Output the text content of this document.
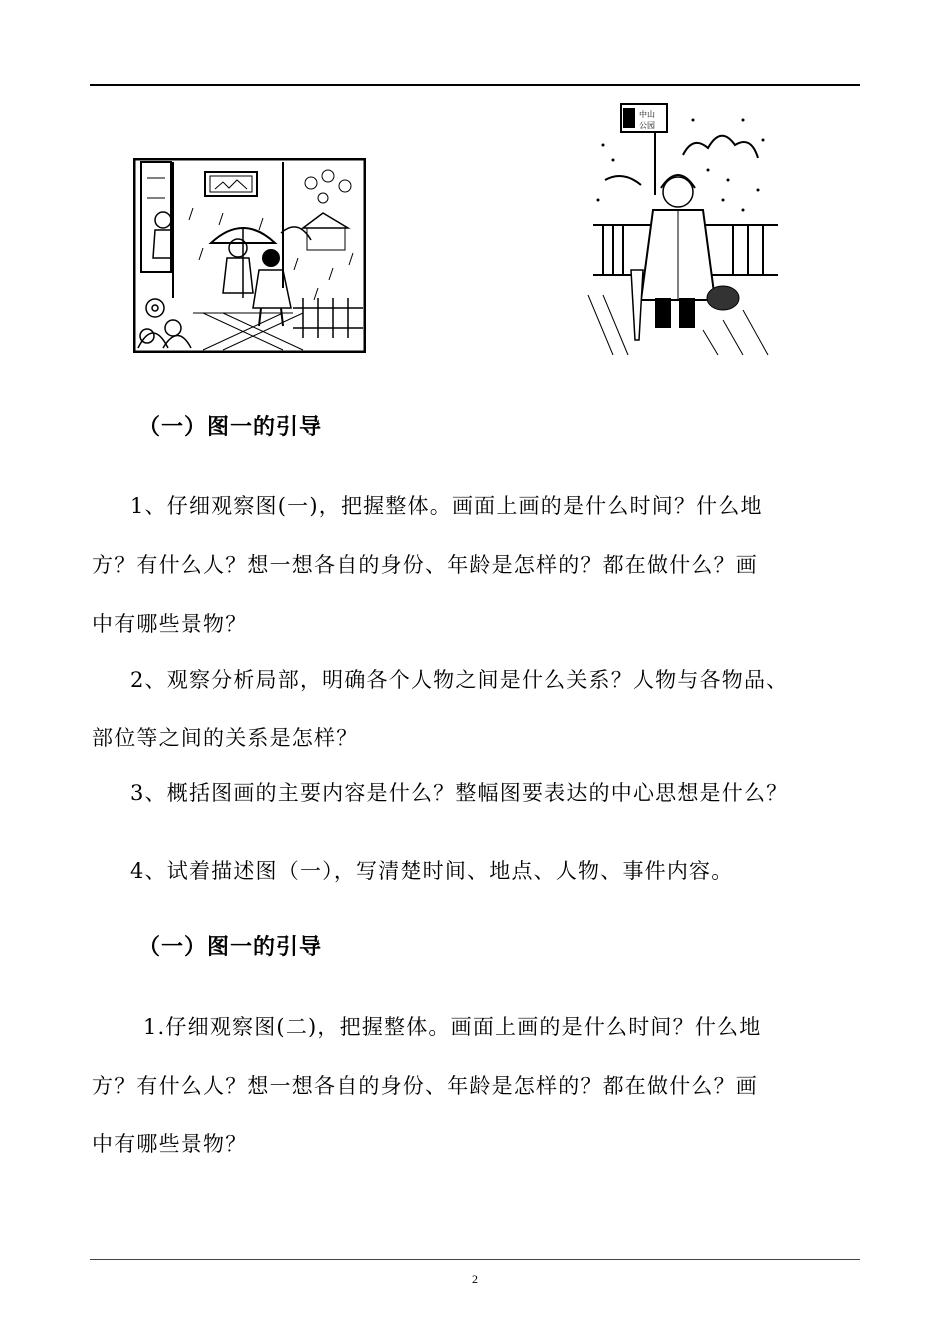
中山
公园
（一）图一的引导
1、仔细观察图(一)，把握整体。画面上画的是什么时间？什么地
方？有什么人？想一想各自的身份、年龄是怎样的？都在做什么？画
中有哪些景物？
2、观察分析局部，明确各个人物之间是什么关系？人物与各物品、
部位等之间的关系是怎样？
3、概括图画的主要内容是什么？整幅图要表达的中心思想是什么？
4、试着描述图（一），写清楚时间、地点、人物、事件内容。
（一）图一的引导
1.仔细观察图(二)，把握整体。画面上画的是什么时间？什么地
方？有什么人？想一想各自的身份、年龄是怎样的？都在做什么？画
中有哪些景物？
2
